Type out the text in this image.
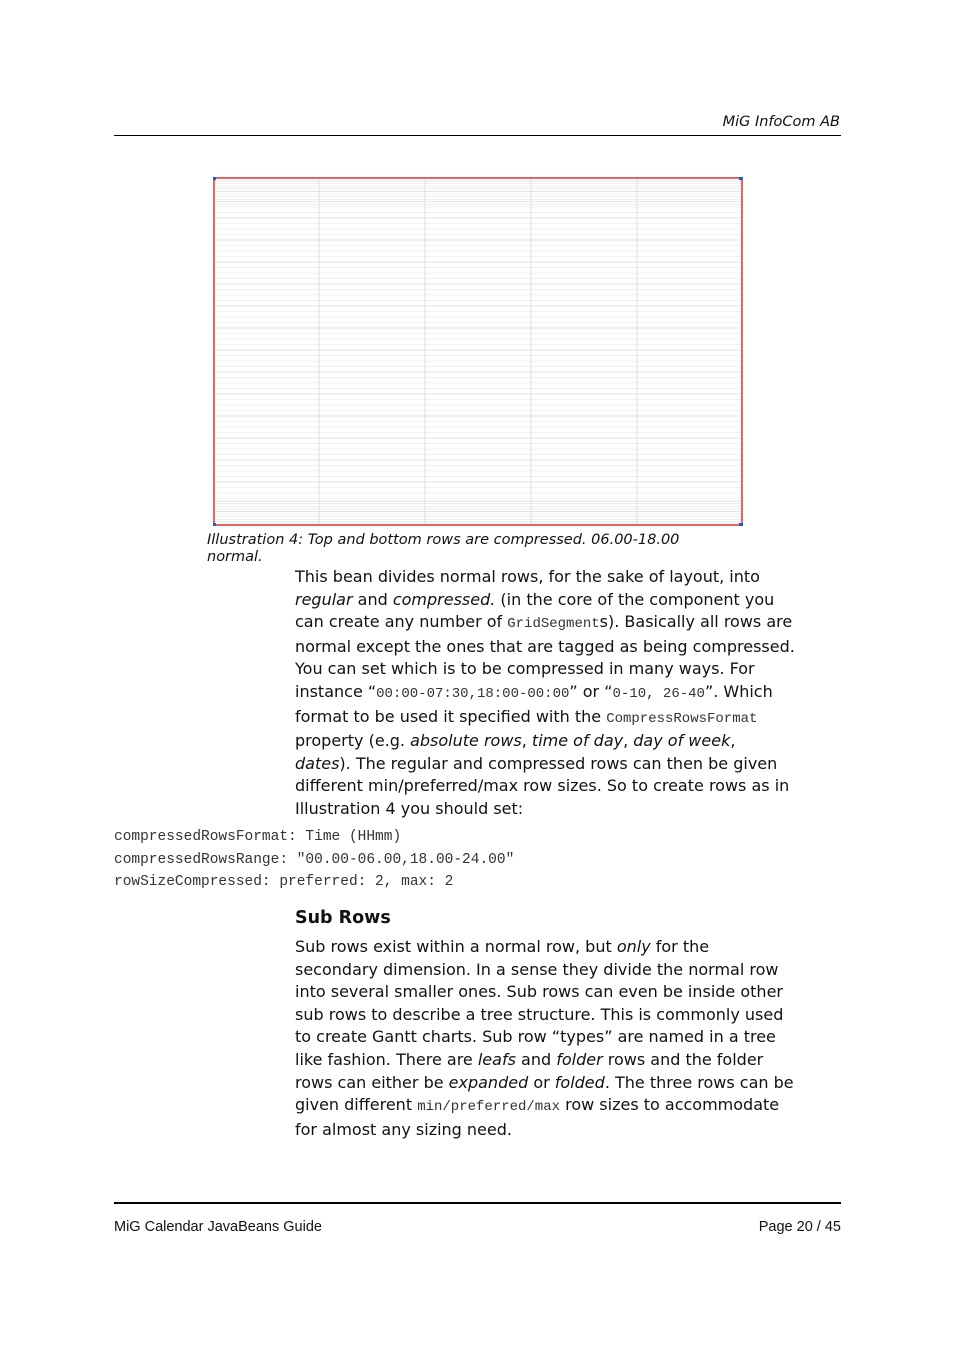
MiG InfoCom AB
Illustration 4: Top and bottom rows are compressed. 06.00-18.00 normal.
This bean divides normal rows, for the sake of layout, into regular and compressed. (in the core of the component you can create any number of GridSegments). Basically all rows are normal except the ones that are tagged as being compressed. You can set which is to be compressed in many ways. For instance “00:00-07:30,18:00-00:00” or “0-10, 26-40”. Which format to be used it specified with the CompressRowsFormat property (e.g. absolute rows, time of day, day of week, dates). The regular and compressed rows can then be given different min/preferred/max row sizes. So to create rows as in Illustration 4 you should set:
compressedRowsFormat: Time (HHmm)
compressedRowsRange: "00.00-06.00,18.00-24.00"
rowSizeCompressed: preferred: 2, max: 2
Sub Rows
Sub rows exist within a normal row, but only for the secondary dimension. In a sense they divide the normal row into several smaller ones. Sub rows can even be inside other sub rows to describe a tree structure. This is commonly used to create Gantt charts. Sub row “types” are named in a tree like fashion. There are leafs and folder rows and the folder rows can either be expanded or folded. The three rows can be given different min/preferred/max row sizes to accommodate for almost any sizing need.
MiG Calendar JavaBeans Guide	Page 20 / 45
